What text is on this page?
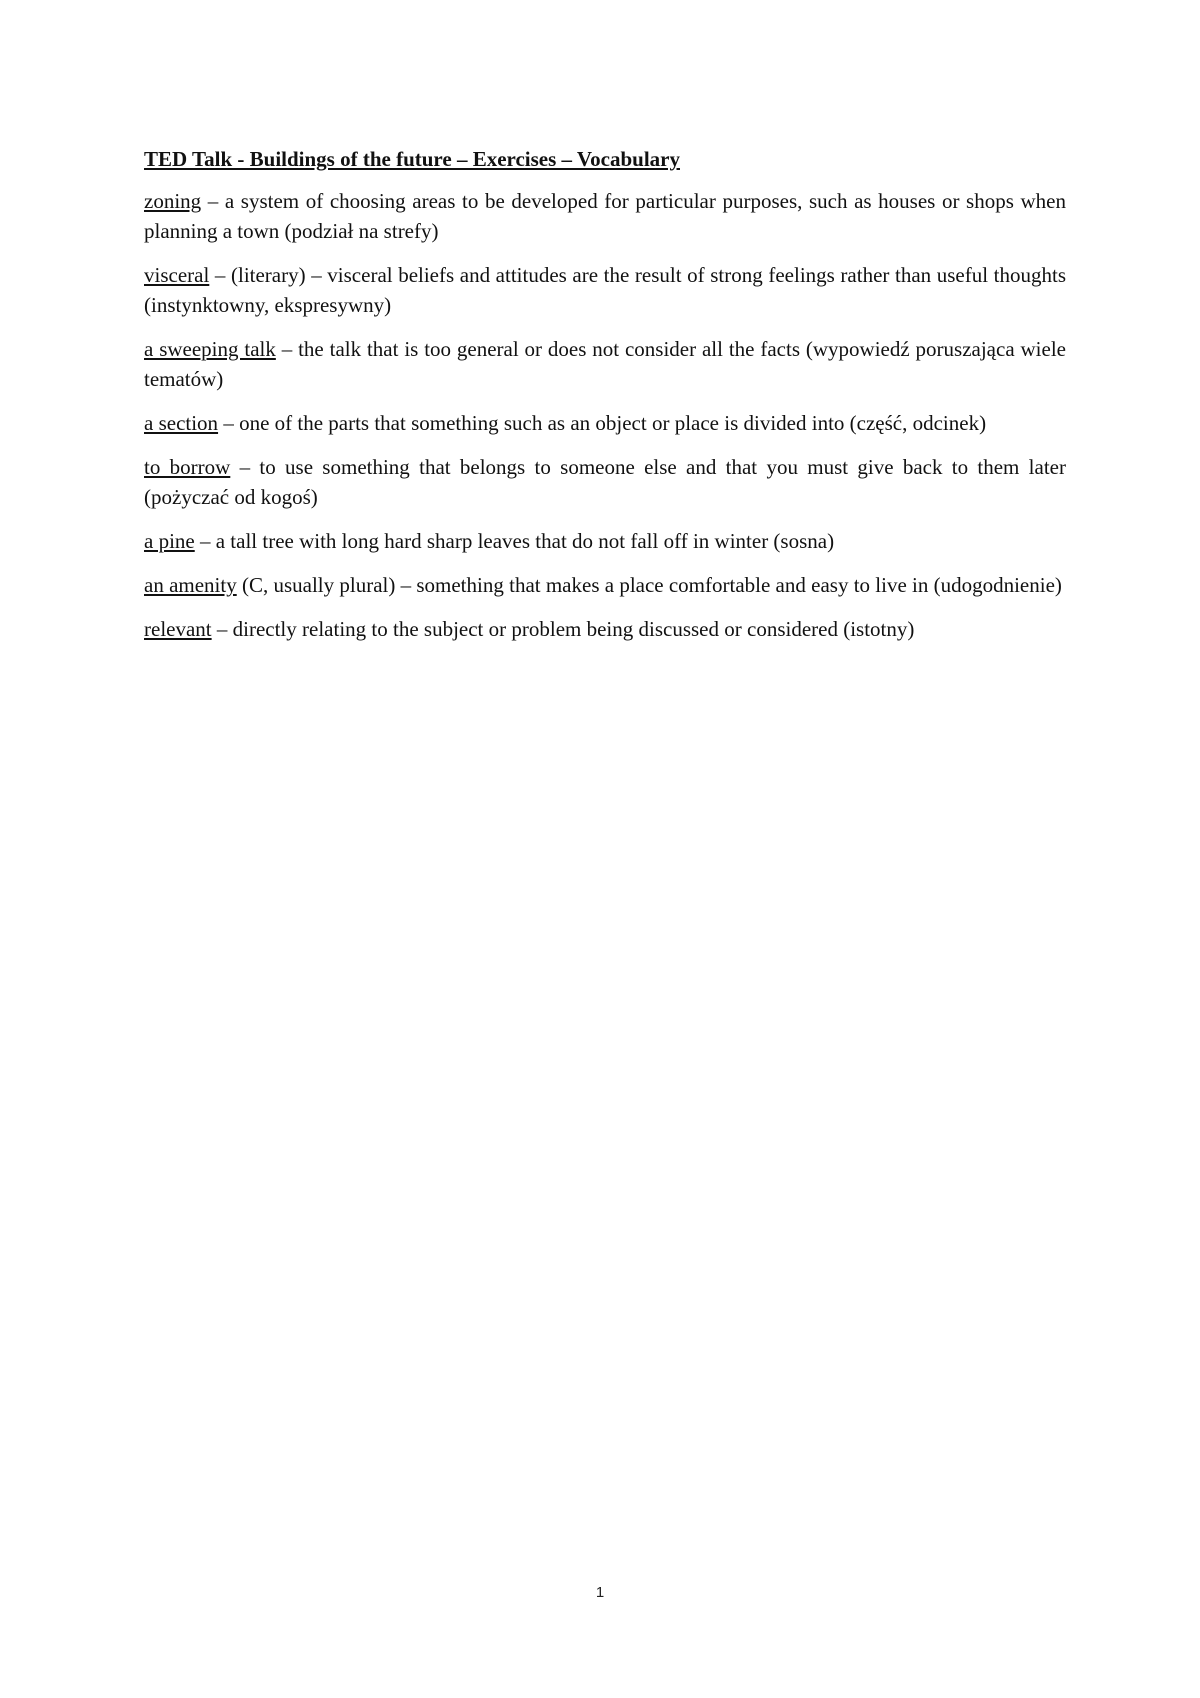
TED Talk - Buildings of the future – Exercises – Vocabulary

zoning – a system of choosing areas to be developed for particular purposes, such as houses or shops when planning a town (podział na strefy)

visceral – (literary) – visceral beliefs and attitudes are the result of strong feelings rather than useful thoughts (instynktowny, ekspresywny)

a sweeping talk – the talk that is too general or does not consider all the facts (wypowiedź poruszająca wiele tematów)

a section – one of the parts that something such as an object or place is divided into (część, odcinek)

to borrow – to use something that belongs to someone else and that you must give back to them later (pożyczać od kogoś)

a pine – a tall tree with long hard sharp leaves that do not fall off in winter (sosna)

an amenity (C, usually plural) – something that makes a place comfortable and easy to live in (udogodnienie)

relevant – directly relating to the subject or problem being discussed or considered (istotny)

1
